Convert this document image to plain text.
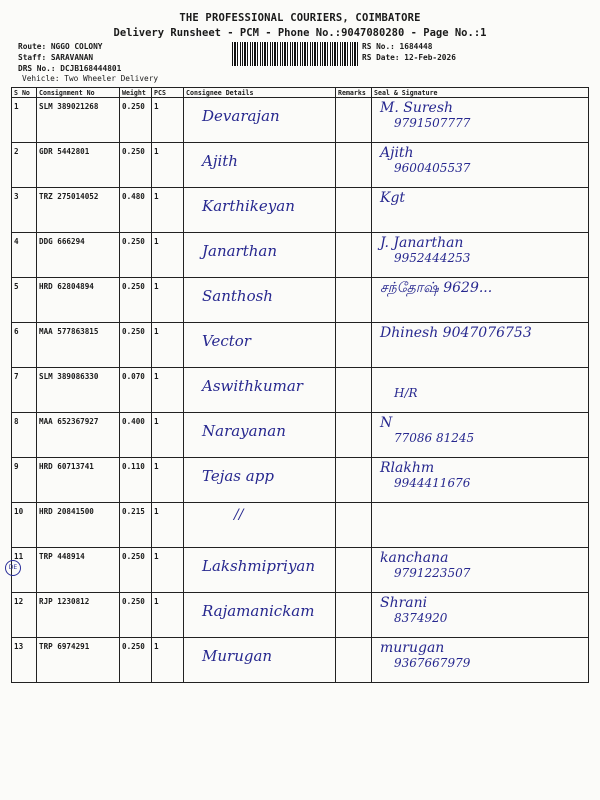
THE PROFESSIONAL COURIERS, COIMBATORE
Delivery Runsheet - PCM - Phone No.:9047080280 - Page No.:1
Route: NGGO COLONY
Staff: SARAVANAN
DRS No.: DCJB168444801
Vehicle: Two Wheeler Delivery
RS No.: 1684448
RS Date: 12-Feb-2026
S No	Consignment No	Weight	PCS	Consignee Details	Remarks	Seal & Signature
1	SLM 389021268	0.250	1	Devarajan		M. Suresh
9791507777

2	GDR 5442801	0.250	1	Ajith		Ajith
9600405537

3	TRZ 275014052	0.480	1	Karthikeyan		Kgt

4	DDG 666294	0.250	1	Janarthan		J. Janarthan
9952444253

5	HRD 62804894	0.250	1	Santhosh		சந்தோஷ் 9629...

6	MAA 577863815	0.250	1	Vector		Dhinesh 9047076753

7	SLM 389086330	0.070	1	Aswithkumar		H/R

8	MAA 652367927	0.400	1	Narayanan		N
77086 81245

9	HRD 60713741	0.110	1	Tejas app		Rlakhm
9944411676

10	HRD 20841500	0.215	1	//		

11	TRP 448914	0.250	1	Lakshmipriyan		kanchana
9791223507

12	RJP 1230812	0.250	1	Rajamanickam		Shrani
8374920

13	TRP 6974291	0.250	1	Murugan		murugan
9367667979
DE
